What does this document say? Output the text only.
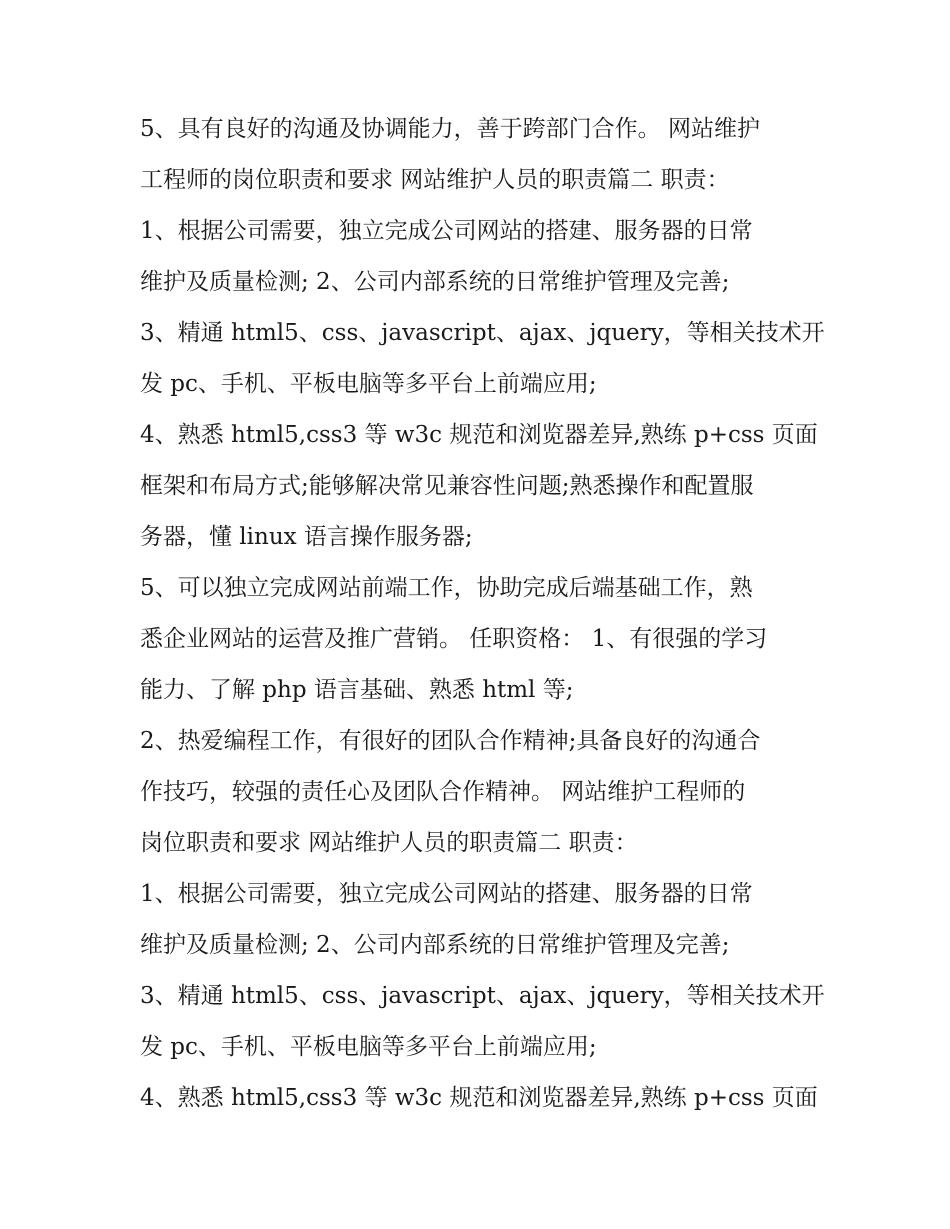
5、具有良好的沟通及协调能力，善于跨部门合作。 网站维护
工程师的岗位职责和要求 网站维护人员的职责篇二 职责：
1、根据公司需要，独立完成公司网站的搭建、服务器的日常
维护及质量检测; 2、公司内部系统的日常维护管理及完善;
3、精通 html5、css、javascript、ajax、jquery，等相关技术开
发 pc、手机、平板电脑等多平台上前端应用;
4、熟悉 html5,css3 等 w3c 规范和浏览器差异,熟练 p+css 页面
框架和布局方式;能够解决常见兼容性问题;熟悉操作和配置服
务器，懂 linux 语言操作服务器;
5、可以独立完成网站前端工作，协助完成后端基础工作，熟
悉企业网站的运营及推广营销。 任职资格： 1、有很强的学习
能力、了解 php 语言基础、熟悉 html 等;
2、热爱编程工作，有很好的团队合作精神;具备良好的沟通合
作技巧，较强的责任心及团队合作精神。 网站维护工程师的
岗位职责和要求 网站维护人员的职责篇二 职责：
1、根据公司需要，独立完成公司网站的搭建、服务器的日常
维护及质量检测; 2、公司内部系统的日常维护管理及完善;
3、精通 html5、css、javascript、ajax、jquery，等相关技术开
发 pc、手机、平板电脑等多平台上前端应用;
4、熟悉 html5,css3 等 w3c 规范和浏览器差异,熟练 p+css 页面
